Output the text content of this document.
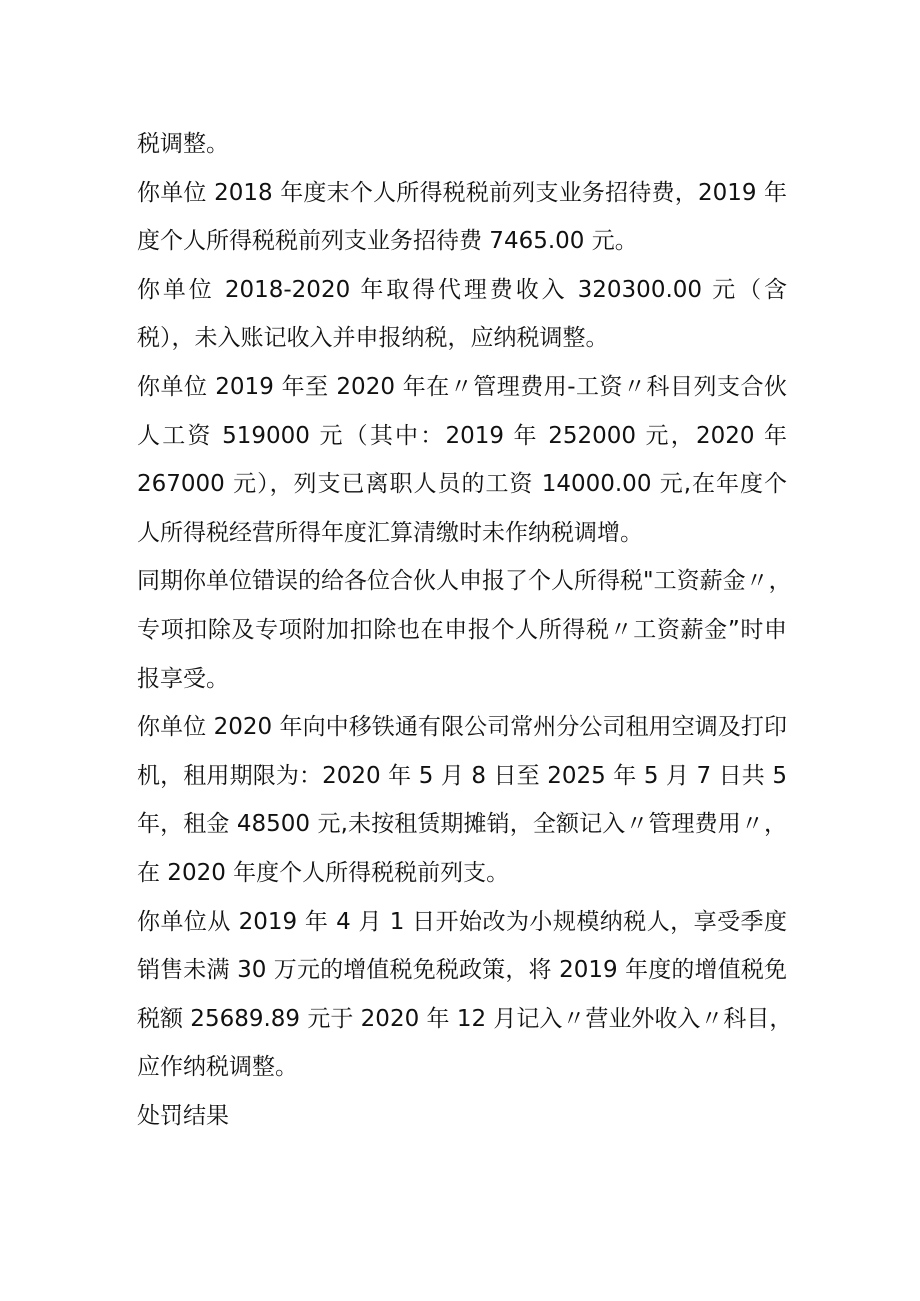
税调整。
你单位 2018 年度末个人所得税税前列支业务招待费，2019 年
度个人所得税税前列支业务招待费 7465.00 元。
你单位 2018-2020 年取得代理费收入 320300.00 元（含
税），未入账记收入并申报纳税，应纳税调整。
你单位 2019 年至 2020 年在〃管理费用-工资〃科目列支合伙
人工资 519000 元（其中：2019 年 252000 元，2020 年
267000 元），列支已离职人员的工资 14000.00 元,在年度个
人所得税经营所得年度汇算清缴时未作纳税调增。
同期你单位错误的给各位合伙人申报了个人所得税"工资薪金〃，
专项扣除及专项附加扣除也在申报个人所得税〃工资薪金”时申
报享受。
你单位 2020 年向中移铁通有限公司常州分公司租用空调及打印
机，租用期限为：2020 年 5 月 8 日至 2025 年 5 月 7 日共 5
年，租金 48500 元,未按租赁期摊销，全额记入〃管理费用〃，
在 2020 年度个人所得税税前列支。
你单位从 2019 年 4 月 1 日开始改为小规模纳税人，享受季度
销售未满 30 万元的增值税免税政策，将 2019 年度的增值税免
税额 25689.89 元于 2020 年 12 月记入〃营业外收入〃科目，
应作纳税调整。
处罚结果
